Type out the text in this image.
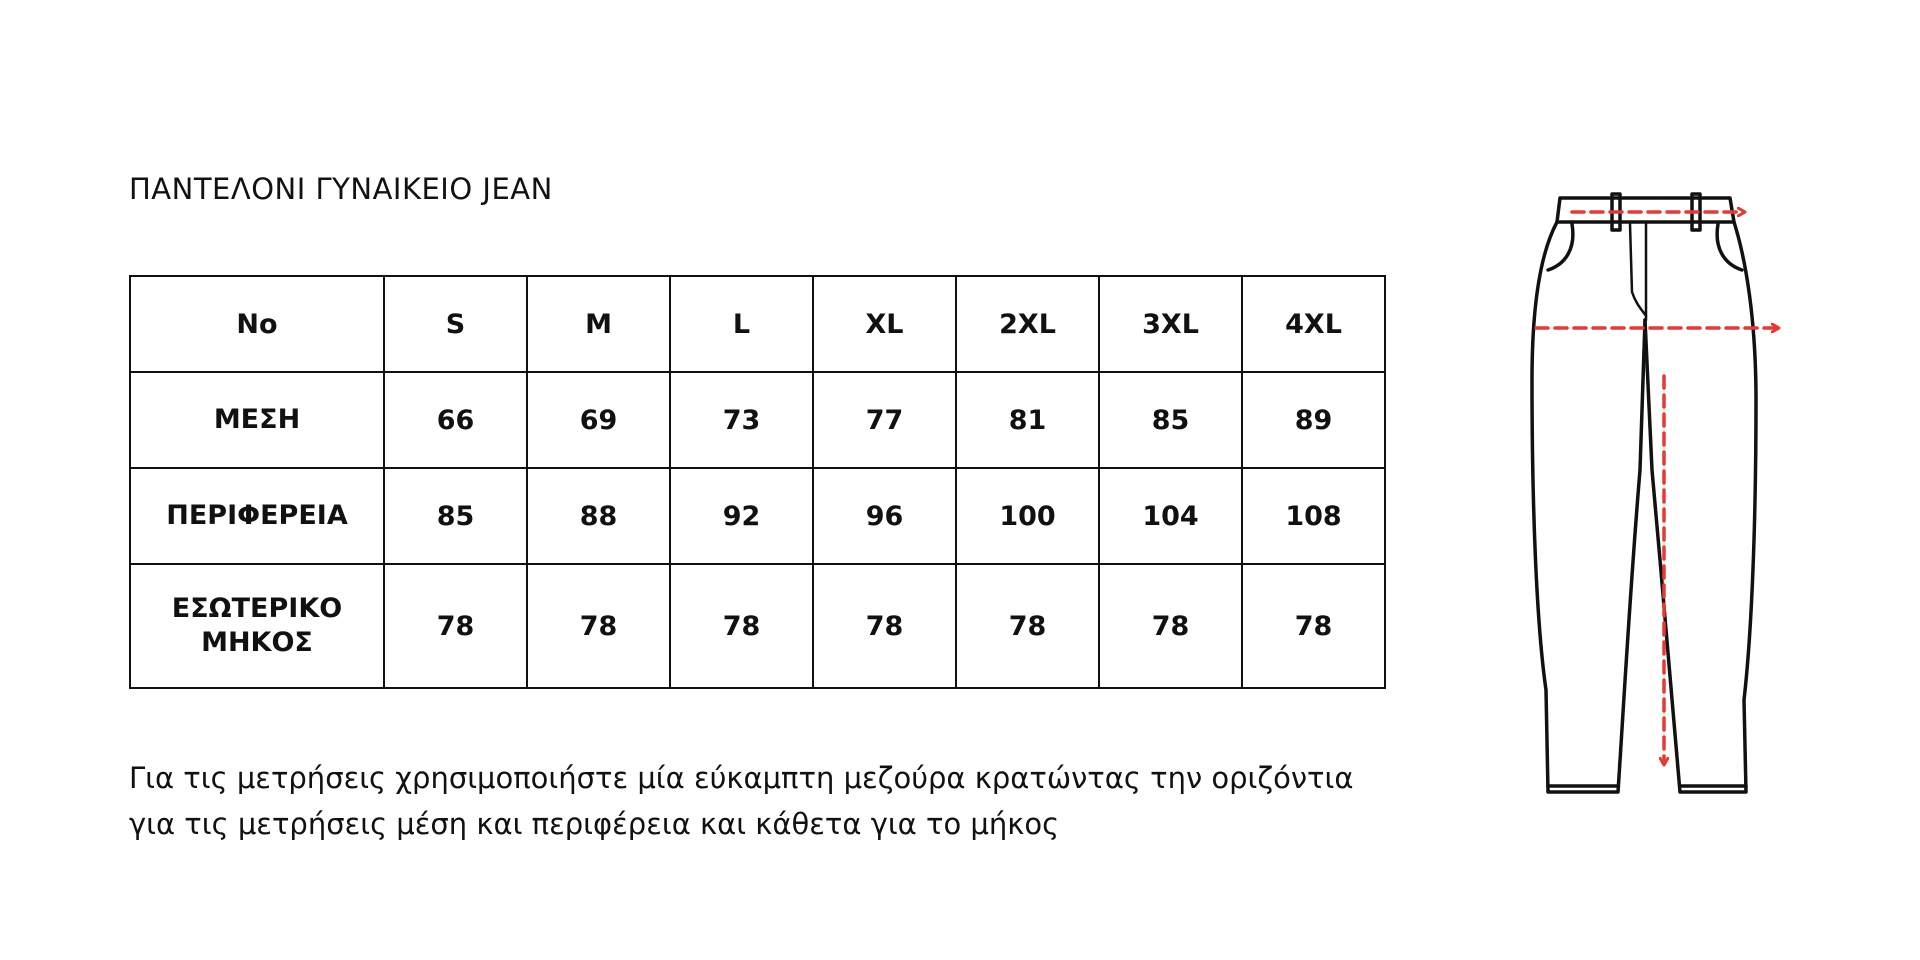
ΠΑΝΤΕΛΟΝΙ ΓΥΝΑΙΚΕΙΟ JEAN
No	S	M	L	XL	2XL	3XL	4XL
ΜΕΣΗ	66	69	73	77	81	85	89
ΠΕΡΙΦΕΡΕΙΑ	85	88	92	96	100	104	108

ΕΣΩΤΕΡΙΚΟ
ΜΗΚΟΣ	78	78	78	78	78	78	78
Για τις μετρήσεις χρησιμοποιήστε μία εύκαμπτη μεζούρα κρατώντας την οριζόντια
για τις μετρήσεις μέση και περιφέρεια και κάθετα για το μήκος
